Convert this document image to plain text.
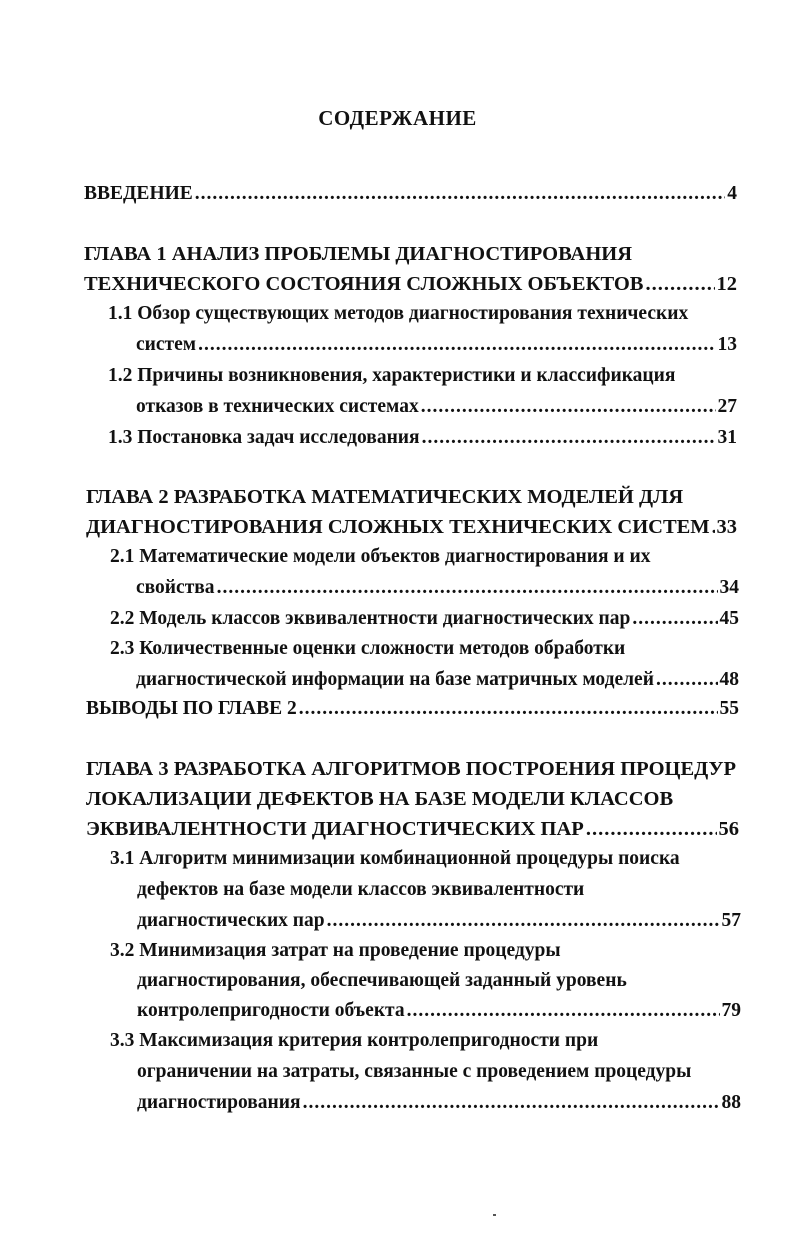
СОДЕРЖАНИЕ
ВВЕДЕНИЕ .....	4
ГЛАВА 1 АНАЛИЗ ПРОБЛЕМЫ ДИАГНОСТИРОВАНИЯ
ТЕХНИЧЕСКОГО СОСТОЯНИЯ СЛОЖНЫХ ОБЪЕКТОВ .....	12
1.1 Обзор существующих методов диагностирования технических
систем .....	13
1.2 Причины возникновения, характеристики и классификация
отказов в технических системах .....	27
1.3 Постановка задач исследования .....	31
ГЛАВА 2 РАЗРАБОТКА МАТЕМАТИЧЕСКИХ МОДЕЛЕЙ ДЛЯ
ДИАГНОСТИРОВАНИЯ СЛОЖНЫХ ТЕХНИЧЕСКИХ СИСТЕМ ..... 33
2.1 Математические модели объектов диагностирования и их
свойства .....	34
2.2 Модель классов эквивалентности диагностических пар .....	45
2.3 Количественные оценки сложности методов обработки
диагностической информации на базе матричных моделей .....	48
ВЫВОДЫ ПО ГЛАВЕ 2 .....	55
ГЛАВА 3 РАЗРАБОТКА АЛГОРИТМОВ ПОСТРОЕНИЯ ПРОЦЕДУР
ЛОКАЛИЗАЦИИ ДЕФЕКТОВ НА БАЗЕ МОДЕЛИ КЛАССОВ
ЭКВИВАЛЕНТНОСТИ ДИАГНОСТИЧЕСКИХ ПАР .....	56
3.1 Алгоритм минимизации комбинационной процедуры поиска
дефектов на базе модели классов эквивалентности
диагностических пар .....	57
3.2 Минимизация затрат на проведение процедуры
диагностирования, обеспечивающей заданный уровень
контролепригодности объекта .....	79
3.3 Максимизация критерия контролепригодности при
ограничении на затраты, связанные с проведением процедуры
диагностирования .....	88
